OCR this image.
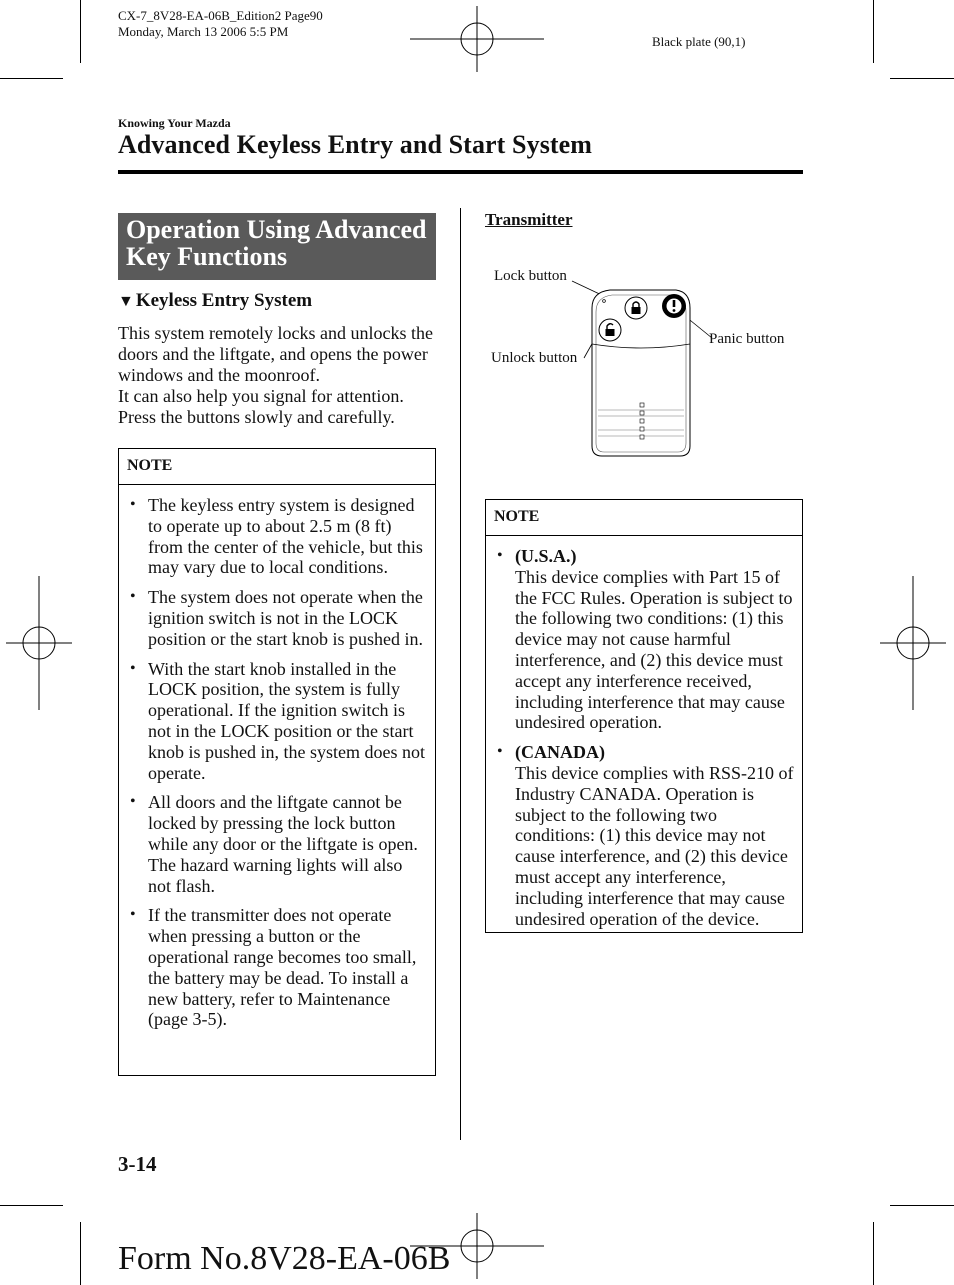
CX-7_8V28-EA-06B_Edition2 Page90
Monday, March 13 2006 5:5 PM
Black plate (90,1)
Knowing Your Mazda
Advanced Keyless Entry and Start System
Operation Using Advanced
Key Functions
▼ Keyless Entry System

This system remotely locks and unlocks the doors and the liftgate, and opens the power windows and the moonroof.

It can also help you signal for attention. Press the buttons slowly and carefully.

NOTE
• The keyless entry system is designed to operate up to about 2.5 m (8 ft) from the center of the vehicle, but this may vary due to local conditions.
• The system does not operate when the ignition switch is not in the LOCK position or the start knob is pushed in.
• With the start knob installed in the LOCK position, the system is fully operational. If the ignition switch is not in the LOCK position or the start knob is pushed in, the system does not operate.
• All doors and the liftgate cannot be locked by pressing the lock button while any door or the liftgate is open. The hazard warning lights will also not flash.
• If the transmitter does not operate when pressing a button or the operational range becomes too small, the battery may be dead. To install a new battery, refer to Maintenance (page 3-5).
Transmitter
Lock button
Unlock button
Panic button
NOTE
• (U.S.A.)
This device complies with Part 15 of the FCC Rules. Operation is subject to the following two conditions: (1) this device may not cause harmful interference, and (2) this device must accept any interference received, including interference that may cause undesired operation.
• (CANADA)
This device complies with RSS-210 of Industry CANADA. Operation is subject to the following two conditions: (1) this device may not cause interference, and (2) this device must accept any interference, including interference that may cause undesired operation of the device.
3-14
Form No.8V28-EA-06B
